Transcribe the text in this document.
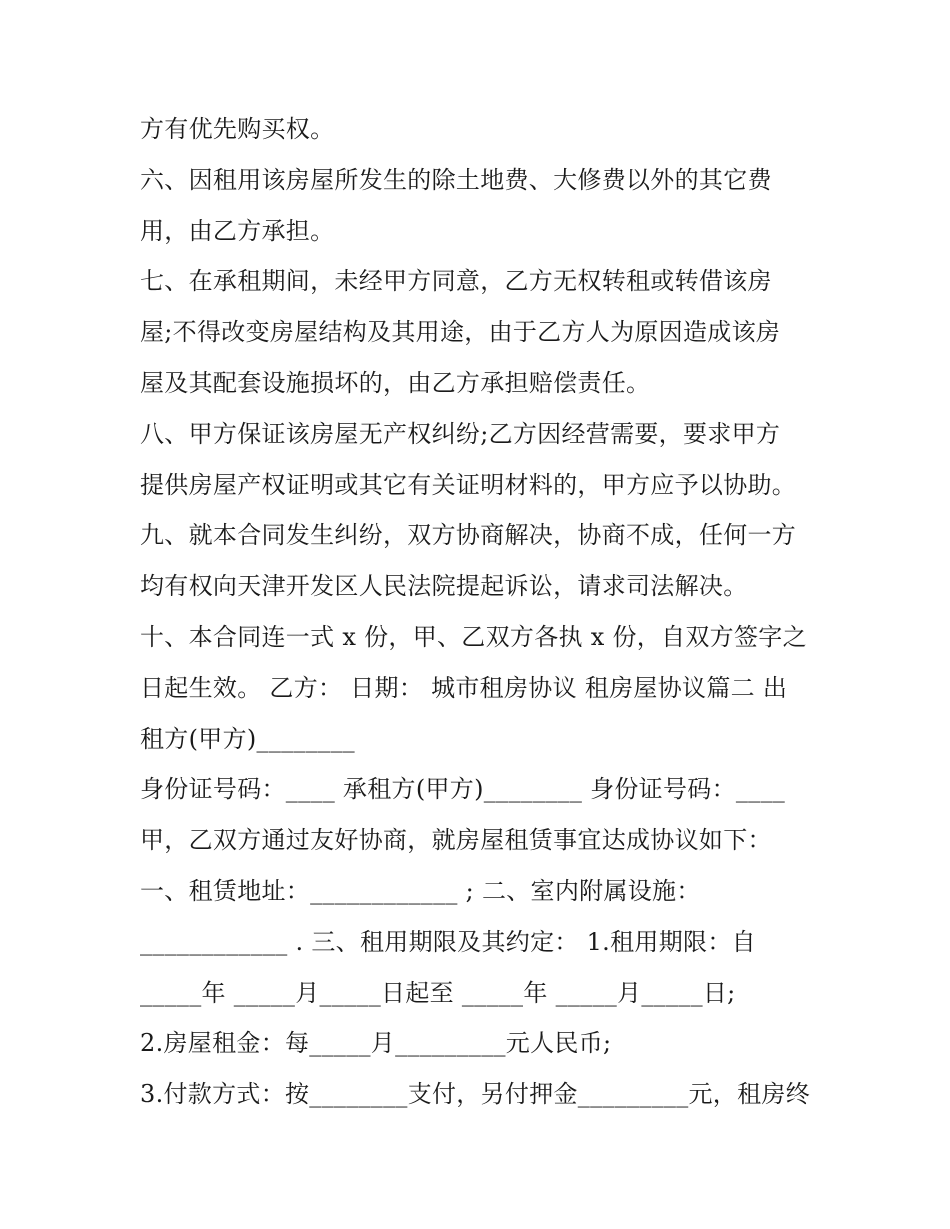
方有优先购买权。
六、因租用该房屋所发生的除土地费、大修费以外的其它费
用，由乙方承担。
七、在承租期间，未经甲方同意，乙方无权转租或转借该房
屋;不得改变房屋结构及其用途，由于乙方人为原因造成该房
屋及其配套设施损坏的，由乙方承担赔偿责任。
八、甲方保证该房屋无产权纠纷;乙方因经营需要，要求甲方
提供房屋产权证明或其它有关证明材料的，甲方应予以协助。
九、就本合同发生纠纷，双方协商解决，协商不成，任何一方
均有权向天津开发区人民法院提起诉讼，请求司法解决。
十、本合同连一式 x 份，甲、乙双方各执 x 份，自双方签字之
日起生效。 乙方： 日期： 城市租房协议 租房屋协议篇二 出
租方(甲方)________
身份证号码：____ 承租方(甲方)________ 身份证号码：____
甲，乙双方通过友好协商，就房屋租赁事宜达成协议如下：
一、租赁地址：____________ ; 二、室内附属设施：
____________ . 三、租用期限及其约定： 1.租用期限：自
_____年 _____月_____日起至 _____年 _____月_____日;
2.房屋租金：每_____月_________元人民币;
3.付款方式：按________支付，另付押金_________元，租房终
